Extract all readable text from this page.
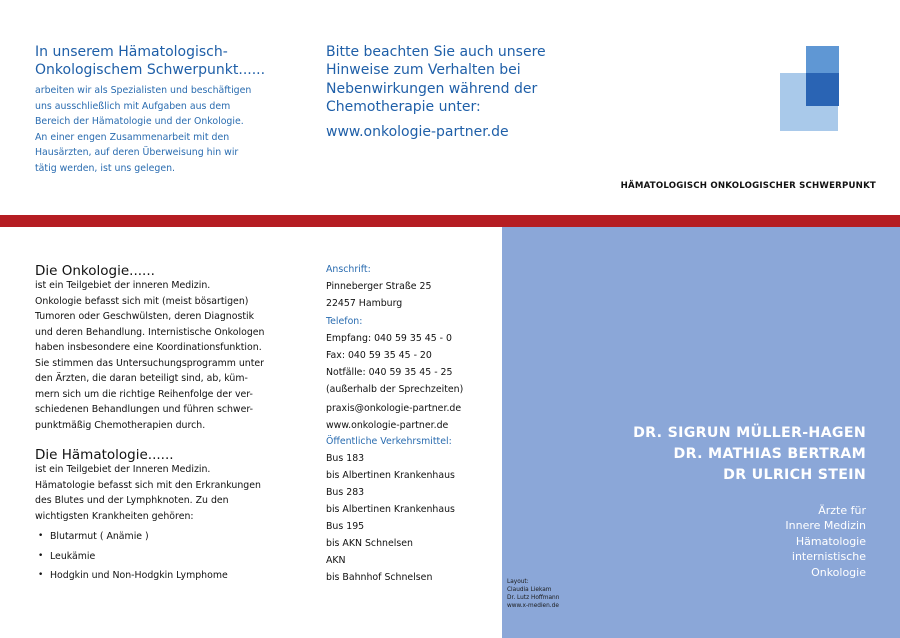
In unserem Hämatologisch-
Onkologischem Schwerpunkt......
arbeiten wir als Spezialisten und beschäftigen
uns ausschließlich mit Aufgaben aus dem
Bereich der Hämatologie und der Onkologie.
An einer engen Zusammenarbeit mit den
Hausärzten, auf deren Überweisung hin wir
tätig werden, ist uns gelegen.
Bitte beachten Sie auch unsere
Hinweise zum Verhalten bei
Nebenwirkungen während der
Chemotherapie unter:
www.onkologie-partner.de
HÄMATOLOGISCH ONKOLOGISCHER SCHWERPUNKT
Die Onkologie......
ist ein Teilgebiet der inneren Medizin.
Onkologie befasst sich mit (meist bösartigen)
Tumoren oder Geschwülsten, deren Diagnostik
und deren Behandlung. Internistische Onkologen
haben insbesondere eine Koordinationsfunktion.
Sie stimmen das Untersuchungsprogramm unter
den Ärzten, die daran beteiligt sind, ab, küm-
mern sich um die richtige Reihenfolge der ver-
schiedenen Behandlungen und führen schwer-
punktmäßig Chemotherapien durch.
Die Hämatologie......
ist ein Teilgebiet der Inneren Medizin.
Hämatologie befasst sich mit den Erkrankungen
des Blutes und der Lymphknoten. Zu den
wichtigsten Krankheiten gehören:
• Blutarmut ( Anämie )
• Leukämie
• Hodgkin und Non-Hodgkin Lymphome
Anschrift:
Pinneberger Straße 25
22457 Hamburg
Telefon:
Empfang: 040 59 35 45 - 0
Fax: 040 59 35 45 - 20
Notfälle: 040 59 35 45 - 25
(außerhalb der Sprechzeiten)
praxis@onkologie-partner.de
www.onkologie-partner.de
Öffentliche Verkehrsmittel:
Bus 183
bis Albertinen Krankenhaus
Bus 283
bis Albertinen Krankenhaus
Bus 195
bis AKN Schnelsen
AKN
bis Bahnhof Schnelsen
DR. SIGRUN MÜLLER-HAGEN
DR. MATHIAS BERTRAM
DR ULRICH STEIN
Ärzte für
Innere Medizin
Hämatologie
internistische
Onkologie
Layout:
Claudia Liekam
Dr. Lutz Hoffmann
www.x-medien.de
